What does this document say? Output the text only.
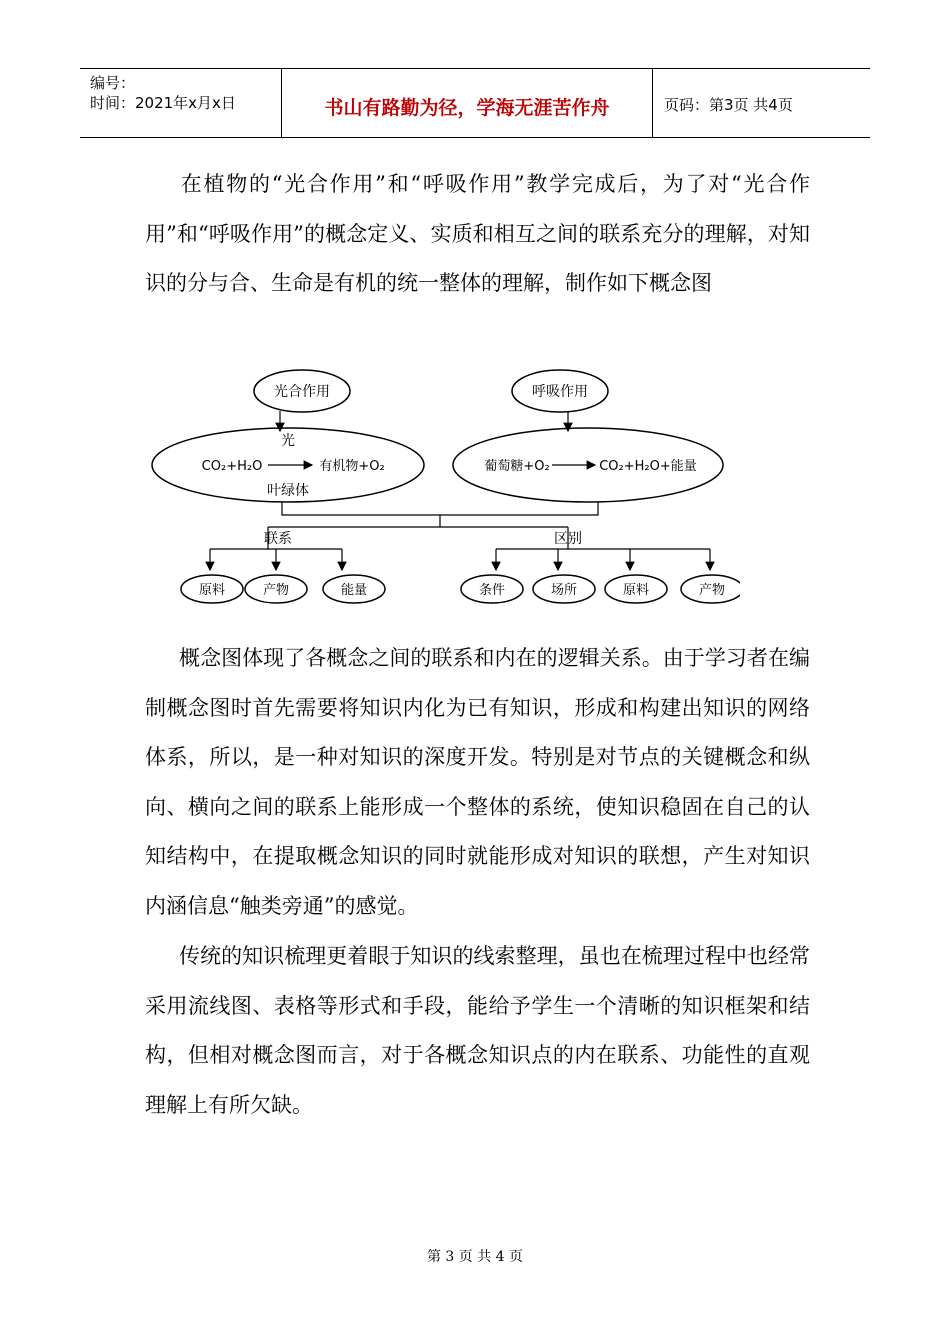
编号：
时间：2021年x月x日	书山有路勤为径，学海无涯苦作舟	页码：第3页 共4页
在植物的“光合作用”和“呼吸作用”教学完成后，为了对“光合作用”和“呼吸作用”的概念定义、实质和相互之间的联系充分的理解，对知识的分与合、生命是有机的统一整体的理解，制作如下概念图
光合作用	呼吸作用
光
CO₂+H₂O	有机物+O₂
叶绿体
葡萄糖+O₂	CO₂+H₂O+能量
联系	区别
原料	产物	能量	条件	场所	原料	产物
概念图体现了各概念之间的联系和内在的逻辑关系。由于学习者在编制概念图时首先需要将知识内化为已有知识，形成和构建出知识的网络体系，所以，是一种对知识的深度开发。特别是对节点的关键概念和纵向、横向之间的联系上能形成一个整体的系统，使知识稳固在自己的认知结构中，在提取概念知识的同时就能形成对知识的联想，产生对知识内涵信息“触类旁通”的感觉。
传统的知识梳理更着眼于知识的线索整理，虽也在梳理过程中也经常采用流线图、表格等形式和手段，能给予学生一个清晰的知识框架和结构，但相对概念图而言，对于各概念知识点的内在联系、功能性的直观理解上有所欠缺。
第 3 页 共 4 页
